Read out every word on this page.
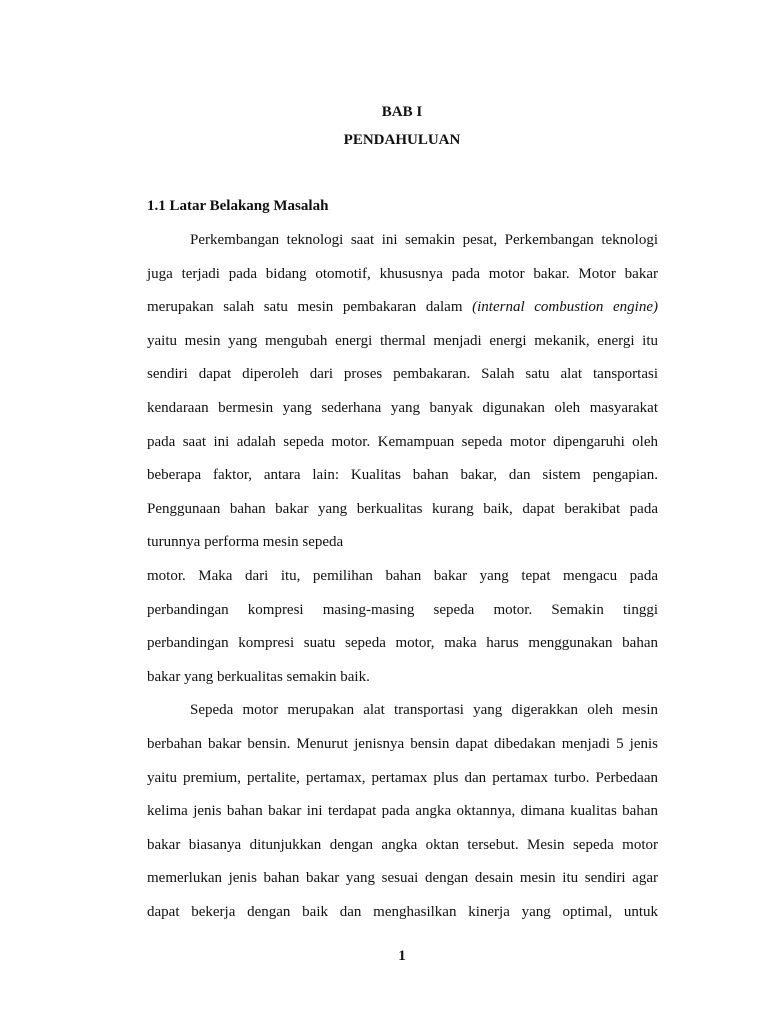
BAB I
PENDAHULUAN
1.1 Latar Belakang Masalah
Perkembangan teknologi saat ini semakin pesat, Perkembangan teknologi
juga terjadi pada bidang otomotif, khususnya pada motor bakar. Motor bakar
merupakan salah satu mesin pembakaran dalam (internal combustion engine)
yaitu mesin yang mengubah energi thermal menjadi energi mekanik, energi itu
sendiri dapat diperoleh dari proses pembakaran. Salah satu alat tansportasi
kendaraan bermesin yang sederhana yang banyak digunakan oleh masyarakat
pada saat ini adalah sepeda motor. Kemampuan sepeda motor dipengaruhi oleh
beberapa faktor, antara lain: Kualitas bahan bakar, dan sistem pengapian.
Penggunaan bahan bakar yang berkualitas kurang baik, dapat berakibat pada
turunnya performa mesin sepeda
motor. Maka dari itu, pemilihan bahan bakar yang tepat mengacu pada
perbandingan kompresi masing-masing sepeda motor. Semakin tinggi
perbandingan kompresi suatu sepeda motor, maka harus menggunakan bahan
bakar yang berkualitas semakin baik.
Sepeda motor merupakan alat transportasi yang digerakkan oleh mesin
berbahan bakar bensin. Menurut jenisnya bensin dapat dibedakan menjadi 5 jenis
yaitu premium, pertalite, pertamax, pertamax plus dan pertamax turbo. Perbedaan
kelima jenis bahan bakar ini terdapat pada angka oktannya, dimana kualitas bahan
bakar biasanya ditunjukkan dengan angka oktan tersebut. Mesin sepeda motor
memerlukan jenis bahan bakar yang sesuai dengan desain mesin itu sendiri agar
dapat bekerja dengan baik dan menghasilkan kinerja yang optimal, untuk
1
